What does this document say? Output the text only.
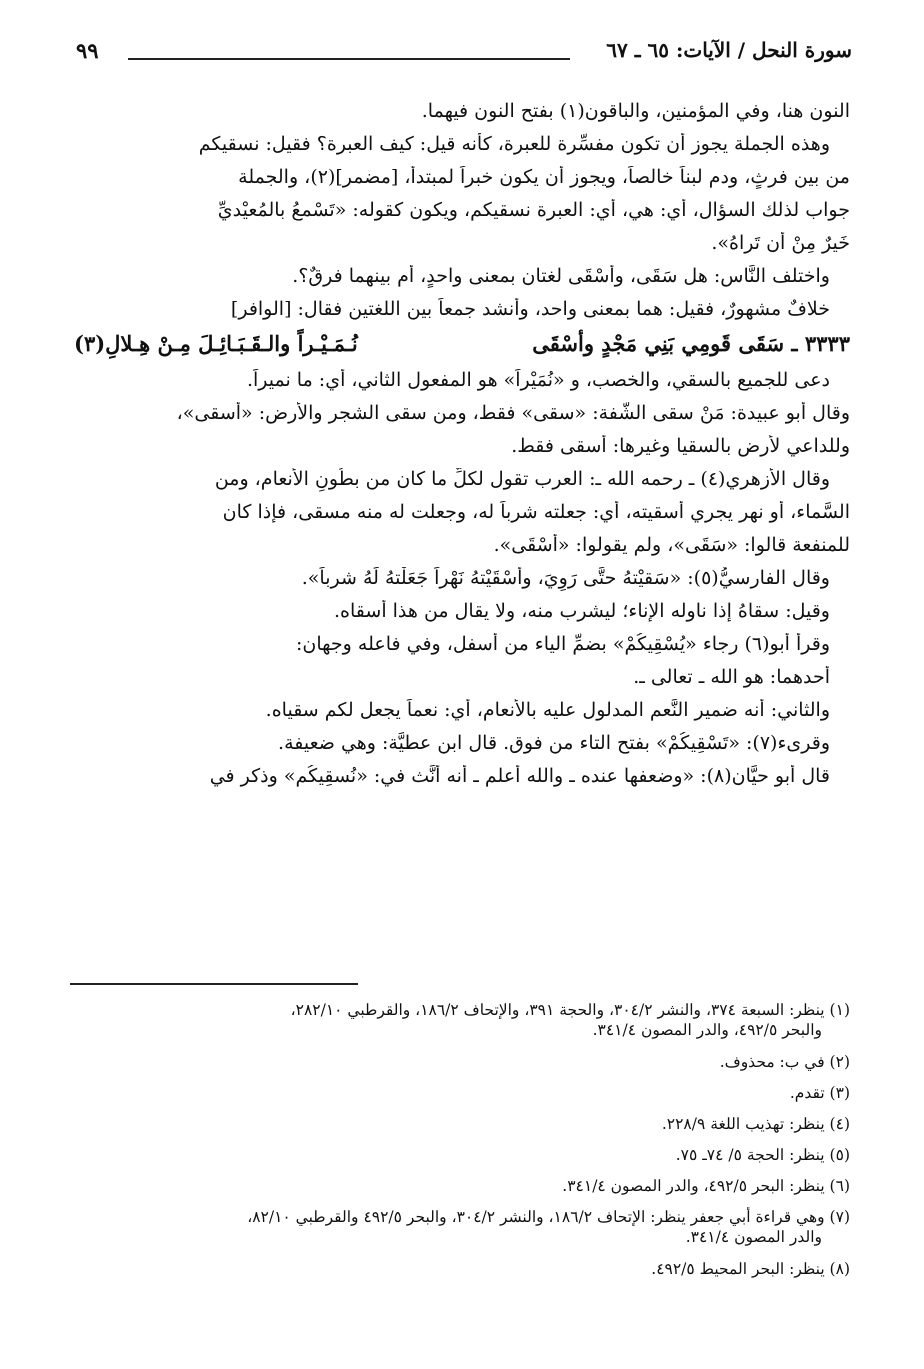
سورة النحل / الآيات: ٦٥ ـ ٦٧
٩٩
النون هنا، وفي المؤمنين، والباقون(١) بفتح النون فيهما.
وهذه الجملة يجوز أن تكون مفسِّرة للعبرة، كأنه قيل: كيف العبرة؟ فقيل: نسقيكم
من بين فرثٍ، ودم لبناً خالصاً، ويجوز أن يكون خبراً لمبتدأ، [مضمر](٢)، والجملة
جواب لذلك السؤال، أي: هي، أي: العبرة نسقيكم، ويكون كقوله: «تَسْمعُ بالمُعيْديِّ
خَيرٌ مِنْ أن تَراهُ».
واختلف النَّاس: هل سَقَى، وأسْقَى لغتان بمعنى واحدٍ، أم بينهما فرقٌ؟.
خلافٌ مشهورٌ، فقيل: هما بمعنى واحد، وأنشد جمعاً بين اللغتين فقال: [الوافر]
٣٣٣٣ ـ سَقَى قَومِي بَنِي مَجْدٍ وأسْقَى
نُـمَـيْـراً والـقَـبَـائِـلَ مِـنْ هِـلالِ(٣)
دعى للجميع بالسقي، والخصب، و «نُمَيْراً» هو المفعول الثاني، أي: ما نميراً.
وقال أبو عبيدة: مَنْ سقى الشَّفة: «سقى» فقط، ومن سقى الشجر والأرض: «أسقى»،
وللداعي لأرض بالسقيا وغيرها: أسقى فقط.
وقال الأزهري(٤) ـ رحمه الله ـ: العرب تقول لكلِّ ما كان من بطُونِ الأنعام، ومن
السَّماء، أو نهر يجري أسقيته، أي: جعلته شرباً له، وجعلت له منه مسقى، فإذا كان
للمنفعة قالوا: «سَقَى»، ولم يقولوا: «أسْقَى».
وقال الفارسيُّ(٥): «سَقيْتهُ حتَّى رَوِيَ، وأسْقَيْتهُ نَهْراً جَعَلْتهُ لَهُ شرباً».
وقيل: سقاهُ إذا ناوله الإناء؛ ليشرب منه، ولا يقال من هذا أسقاه.
وقرأ أبو(٦) رجاء «يُسْقِيكُمْ» بضمِّ الياء من أسفل، وفي فاعله وجهان:
أحدهما: هو الله ـ تعالى ـ.
والثاني: أنه ضمير النَّعم المدلول عليه بالأنعام، أي: نعماً يجعل لكم سقياه.
وقرىء(٧): «تَسْقِيكُمْ» بفتح التاء من فوق. قال ابن عطيَّة: وهي ضعيفة.
قال أبو حيَّان(٨): «وضعفها عنده ـ والله أعلم ـ أنه أنَّث في: «نُسقِيكُم» وذكر في
(١) ينظر: السبعة ٣٧٤، والنشر ٣٠٤/٢، والحجة ٣٩١، والإتحاف ١٨٦/٢، والقرطبي ٢٨٢/١٠،
والبحر ٤٩٢/٥، والدر المصون ٣٤١/٤.
(٢) في ب: محذوف.
(٣) تقدم.
(٤) ينظر: تهذيب اللغة ٢٢٨/٩.
(٥) ينظر: الحجة ٥/ ٧٤ـ ٧٥.
(٦) ينظر: البحر ٤٩٢/٥، والدر المصون ٣٤١/٤.
(٧) وهي قراءة أبي جعفر ينظر: الإتحاف ١٨٦/٢، والنشر ٣٠٤/٢، والبحر ٤٩٢/٥ والقرطبي ٨٢/١٠،
والدر المصون ٣٤١/٤.
(٨) ينظر: البحر المحيط ٤٩٢/٥.
